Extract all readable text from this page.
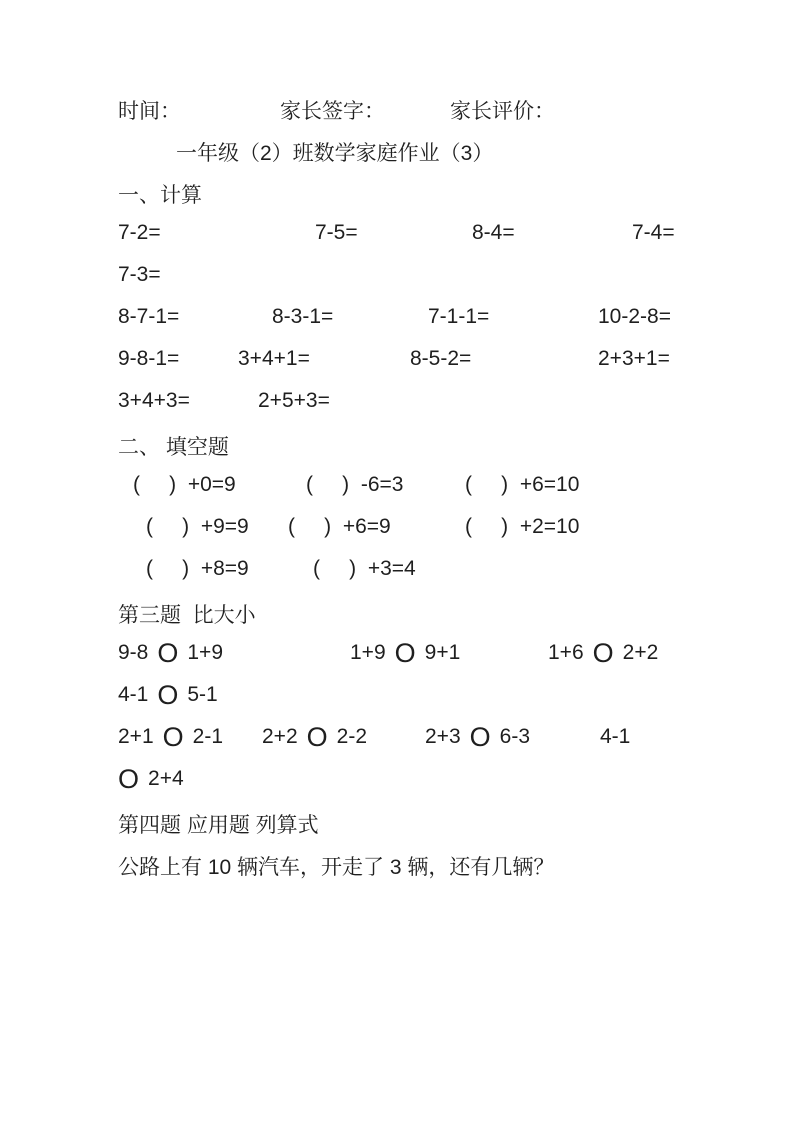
时间：	家长签字：	家长评价：
一年级（2）班数学家庭作业（3）
一、计算
7-2=	7-5=	8-4=	7-4=
7-3=
8-7-1=	8-3-1=	7-1-1=	10-2-8=
9-8-1=	3+4+1=	8-5-2=	2+3+1=
3+4+3=	2+5+3=
二、 填空题
(     )  +0=9	(     )  -6=3	(     )  +6=10
(     )  +9=9 (     )  +6=9	(     )  +2=10
(     )  +8=9	(     )  +3=4
第三题  比大小
9-8 O 1+9	1+9 O 9+1	1+6 O 2+2
4-1 O 5-1
2+1 O 2-1 2+2 O 2-2	2+3 O 6-3	4-1
O 2+4
第四题 应用题 列算式
公路上有 10 辆汽车，开走了 3 辆，还有几辆？
